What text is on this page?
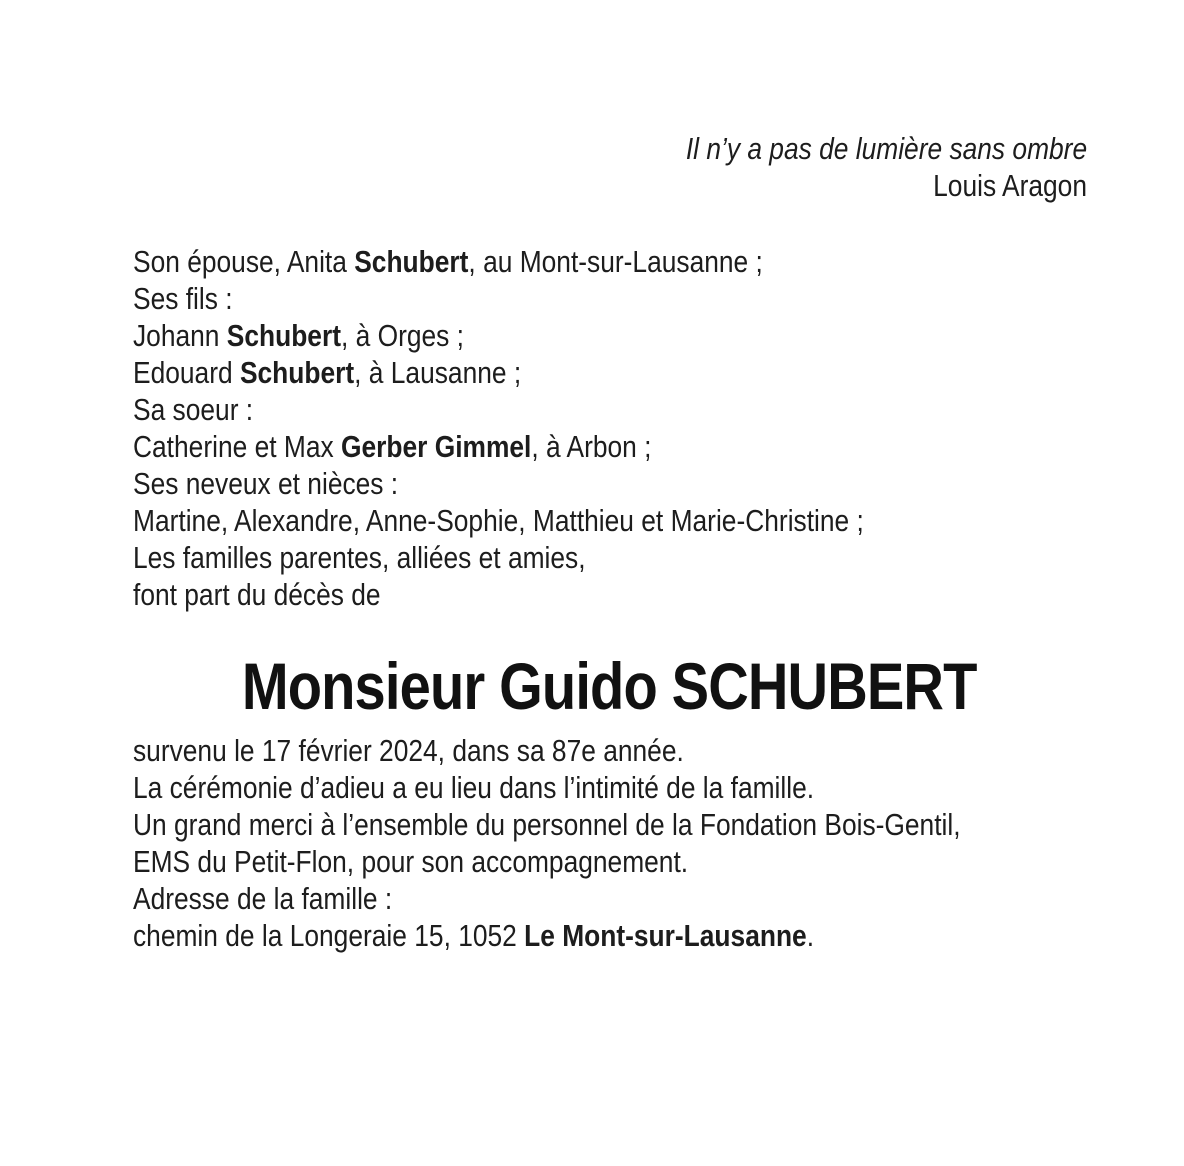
Il n’y a pas de lumière sans ombre
Louis Aragon
Son épouse, Anita Schubert, au Mont-sur-Lausanne ;
Ses fils :
Johann Schubert, à Orges ;
Edouard Schubert, à Lausanne ;
Sa soeur :
Catherine et Max Gerber Gimmel, à Arbon ;
Ses neveux et nièces :
Martine, Alexandre, Anne-Sophie, Matthieu et Marie-Christine ;
Les familles parentes, alliées et amies,
font part du décès de
Monsieur Guido SCHUBERT
survenu le 17 février 2024, dans sa 87e année.
La cérémonie d’adieu a eu lieu dans l’intimité de la famille.
Un grand merci à l’ensemble du personnel de la Fondation Bois-Gentil,
EMS du Petit-Flon, pour son accompagnement.
Adresse de la famille :
chemin de la Longeraie 15, 1052 Le Mont-sur-Lausanne.
